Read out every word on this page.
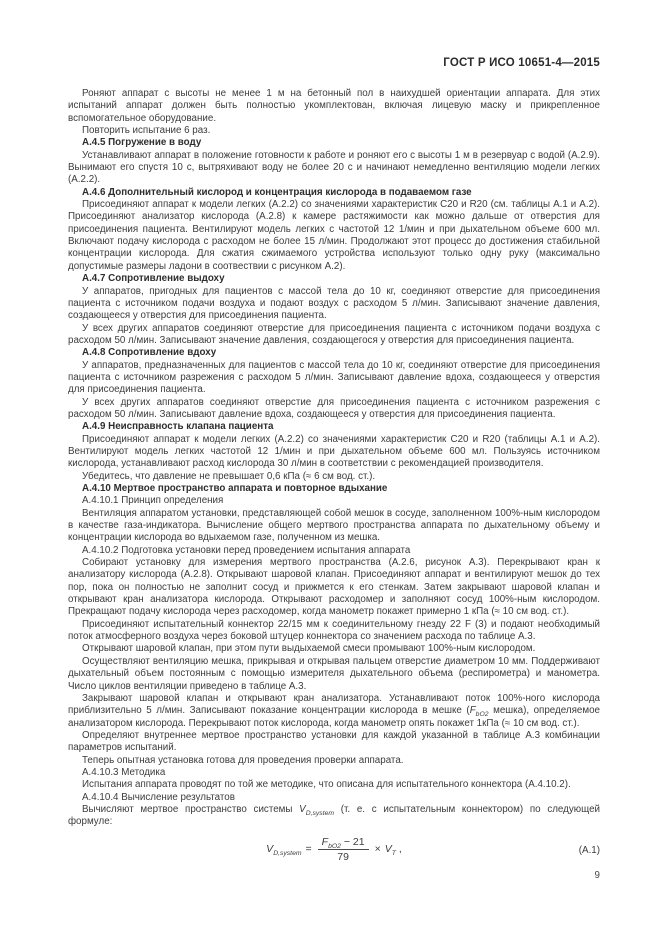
ГОСТ Р ИСО 10651-4—2015

Роняют аппарат с высоты не менее 1 м на бетонный пол в наихудшей ориентации аппарата. Для этих испытаний аппарат должен быть полностью укомплектован, включая лицевую маску и прикрепленное вспомогательное оборудование.

Повторить испытание 6 раз.

А.4.5 Погружение в воду

Устанавливают аппарат в положение готовности к работе и роняют его с высоты 1 м в резервуар с водой (А.2.9). Вынимают его спустя 10 с, вытряхивают воду не более 20 с и начинают немедленно вентиляцию модели легких (А.2.2).

А.4.6 Дополнительный кислород и концентрация кислорода в подаваемом газе

Присоединяют аппарат к модели легких (А.2.2) со значениями характеристик C20 и R20 (см. таблицы А.1 и А.2). Присоединяют анализатор кислорода (А.2.8) к камере растяжимости как можно дальше от отверстия для присоединения пациента. Вентилируют модель легких с частотой 12 1/мин и при дыхательном объеме 600 мл. Включают подачу кислорода с расходом не более 15 л/мин. Продолжают этот процесс до достижения стабильной концентрации кислорода. Для сжатия сжимаемого устройства используют только одну руку (максимально допустимые размеры ладони в соотвествии с рисунком А.2).

А.4.7 Сопротивление выдоху

У аппаратов, пригодных для пациентов с массой тела до 10 кг, соединяют отверстие для присоединения пациента с источником подачи воздуха и подают воздух с расходом 5 л/мин. Записывают значение давления, создающееся у отверстия для присоединения пациента.

У всех других аппаратов соединяют отверстие для присоединения пациента с источником подачи воздуха с расходом 50 л/мин. Записывают значение давления, создающегося у отверстия для присоединения пациента.

А.4.8 Сопротивление вдоху

У аппаратов, предназначенных для пациентов с массой тела до 10 кг, соединяют отверстие для присоединения пациента с источником разрежения с расходом 5 л/мин. Записывают давление вдоха, создающееся у отверстия для присоединения пациента.

У всех других аппаратов соединяют отверстие для присоединения пациента с источником разрежения с расходом 50 л/мин. Записывают давление вдоха, создающееся у отверстия для присоединения пациента.

А.4.9 Неисправность клапана пациента

Присоединяют аппарат к модели легких (А.2.2) со значениями характеристик C20 и R20 (таблицы А.1 и А.2). Вентилируют модель легких частотой 12 1/мин и при дыхательном объеме 600 мл. Пользуясь источником кислорода, устанавливают расход кислорода 30 л/мин в соответствии с рекомендацией производителя.

Убедитесь, что давление не превышает 0,6 кПа (≈ 6 см вод. ст.).

А.4.10 Мертвое пространство аппарата и повторное вдыхание

А.4.10.1 Принцип определения

Вентиляция аппаратом установки, представляющей собой мешок в сосуде, заполненном 100%-ным кислородом в качестве газа-индикатора. Вычисление общего мертвого пространства аппарата по дыхательному объему и концентрации кислорода во вдыхаемом газе, полученном из мешка.

А.4.10.2 Подготовка установки перед проведением испытания аппарата

Собирают установку для измерения мертвого пространства (А.2.6, рисунок А.3). Перекрывают кран к анализатору кислорода (А.2.8). Открывают шаровой клапан. Присоединяют аппарат и вентилируют мешок до тех пор, пока он полностью не заполнит сосуд и прижмется к его стенкам. Затем закрывают шаровой клапан и открывают кран анализатора кислорода. Открывают расходомер и заполняют сосуд 100%-ным кислородом. Прекращают подачу кислорода через расходомер, когда манометр покажет примерно 1 кПа (≈ 10 см вод. ст.).

Присоединяют испытательный коннектор 22/15 мм к соединительному гнезду 22 F (3) и подают необходимый поток атмосферного воздуха через боковой штуцер коннектора со значением расхода по таблице А.3.

Открывают шаровой клапан, при этом пути выдыхаемой смеси промывают 100%-ным кислородом.

Осуществляют вентиляцию мешка, прикрывая и открывая пальцем отверстие диаметром 10 мм. Поддерживают дыхательный объем постоянным с помощью измерителя дыхательного объема (респирометра) и манометра. Число циклов вентиляции приведено в таблице А.3.

Закрывают шаровой клапан и открывают кран анализатора. Устанавливают поток 100%-ного кислорода приблизительно 5 л/мин. Записывают показание концентрации кислорода в мешке ($F_{bO2}$ мешка), определяемое анализатором кислорода. Перекрывают поток кислорода, когда манометр опять покажет 1кПа (≈ 10 см вод. ст.).

Определяют внутреннее мертвое пространство установки для каждой указанной в таблице А.3 комбинации параметров испытаний.

Теперь опытная установка готова для проведения проверки аппарата.

А.4.10.3 Методика

Испытания аппарата проводят по той же методике, что описана для испытательного коннектора (А.4.10.2).

А.4.10.4 Вычисление результатов

Вычисляют мертвое пространство системы $V_{D,system}$ (т. е. с испытательным коннектором) по следующей формуле:

$V_{D,system} = \frac{F_{bO2} - 21}{79} \times V_T$ ,	(А.1)
9
